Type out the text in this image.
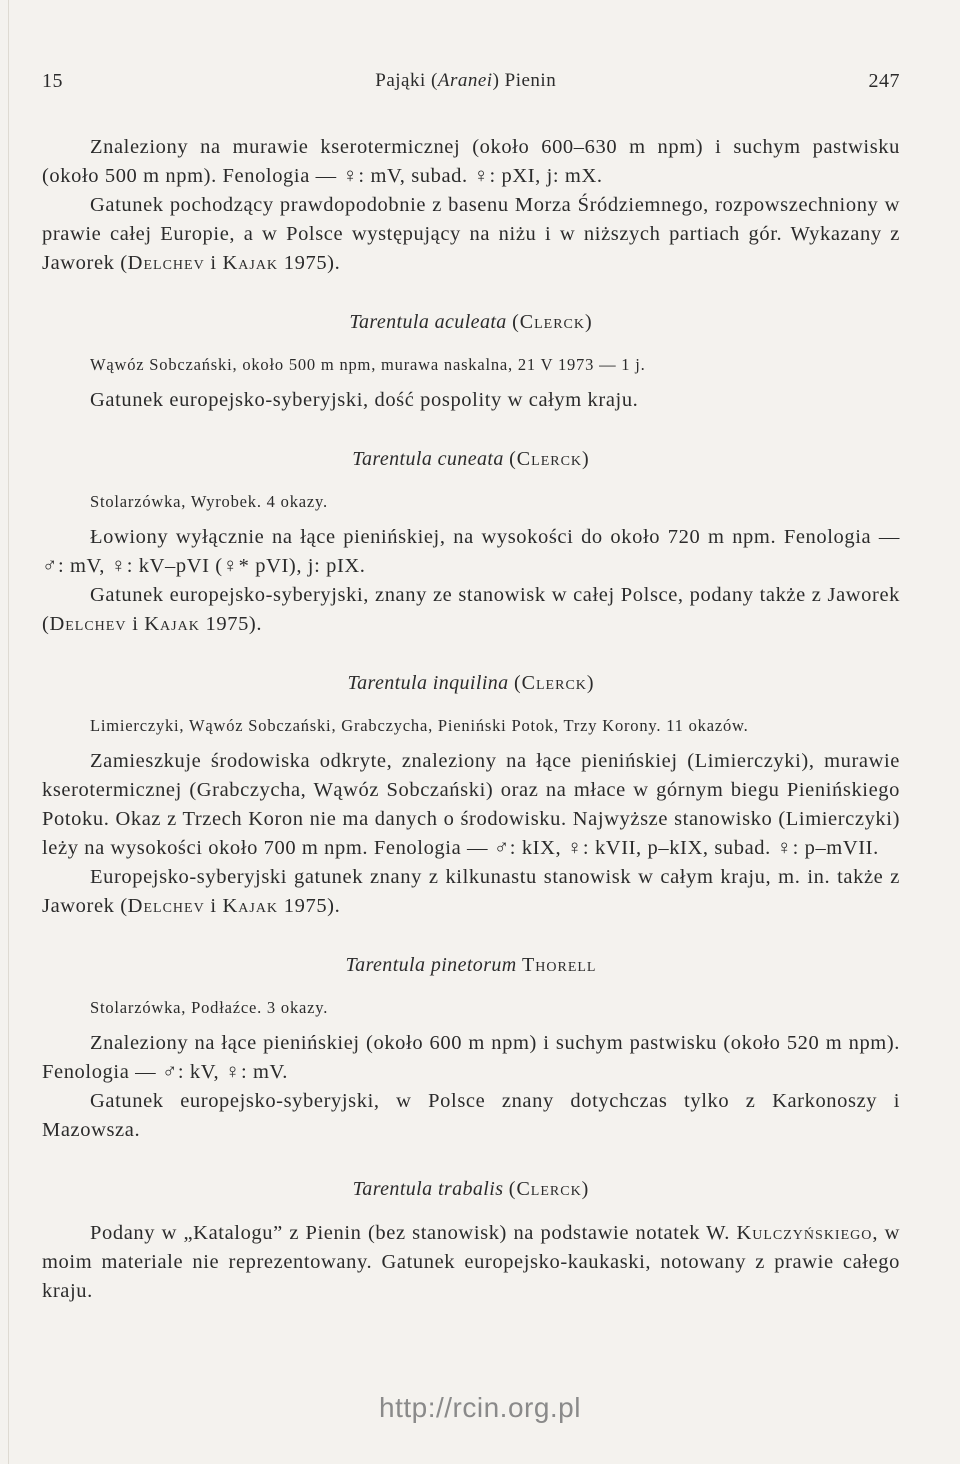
15	Pająki (Aranei) Pienin	247

Znaleziony na murawie kserotermicznej (około 600–630 m npm) i suchym pastwisku (około 500 m npm). Fenologia — ♀: mV, subad. ♀: pXI, j: mX.

Gatunek pochodzący prawdopodobnie z basenu Morza Śródziemnego, rozpowszechniony w prawie całej Europie, a w Polsce występujący na niżu i w niższych partiach gór. Wykazany z Jaworek (Delchev i Kajak 1975).

Tarentula aculeata (Clerck)
Wąwóz Sobczański, około 500 m npm, murawa naskalna, 21 V 1973 — 1 j.

Gatunek europejsko-syberyjski, dość pospolity w całym kraju.

Tarentula cuneata (Clerck)
Stolarzówka, Wyrobek. 4 okazy.

Łowiony wyłącznie na łące pienińskiej, na wysokości do około 720 m npm. Fenologia — ♂: mV, ♀: kV–pVI (♀* pVI), j: pIX.

Gatunek europejsko-syberyjski, znany ze stanowisk w całej Polsce, podany także z Jaworek (Delchev i Kajak 1975).

Tarentula inquilina (Clerck)
Limierczyki, Wąwóz Sobczański, Grabczycha, Pieniński Potok, Trzy Korony. 11 okazów.

Zamieszkuje środowiska odkryte, znaleziony na łące pienińskiej (Limierczyki), murawie kserotermicznej (Grabczycha, Wąwóz Sobczański) oraz na młace w górnym biegu Pienińskiego Potoku. Okaz z Trzech Koron nie ma danych o środowisku. Najwyższe stanowisko (Limierczyki) leży na wysokości około 700 m npm. Fenologia — ♂: kIX, ♀: kVII, p–kIX, subad. ♀: p–mVII.

Europejsko-syberyjski gatunek znany z kilkunastu stanowisk w całym kraju, m. in. także z Jaworek (Delchev i Kajak 1975).

Tarentula pinetorum Thorell
Stolarzówka, Podłaźce. 3 okazy.

Znaleziony na łące pienińskiej (około 600 m npm) i suchym pastwisku (około 520 m npm). Fenologia — ♂: kV, ♀: mV.

Gatunek europejsko-syberyjski, w Polsce znany dotychczas tylko z Karkonoszy i Mazowsza.

Tarentula trabalis (Clerck)

Podany w „Katalogu” z Pienin (bez stanowisk) na podstawie notatek W. Kulczyńskiego, w moim materiale nie reprezentowany. Gatunek europejsko-kaukaski, notowany z prawie całego kraju.

http://rcin.org.pl
